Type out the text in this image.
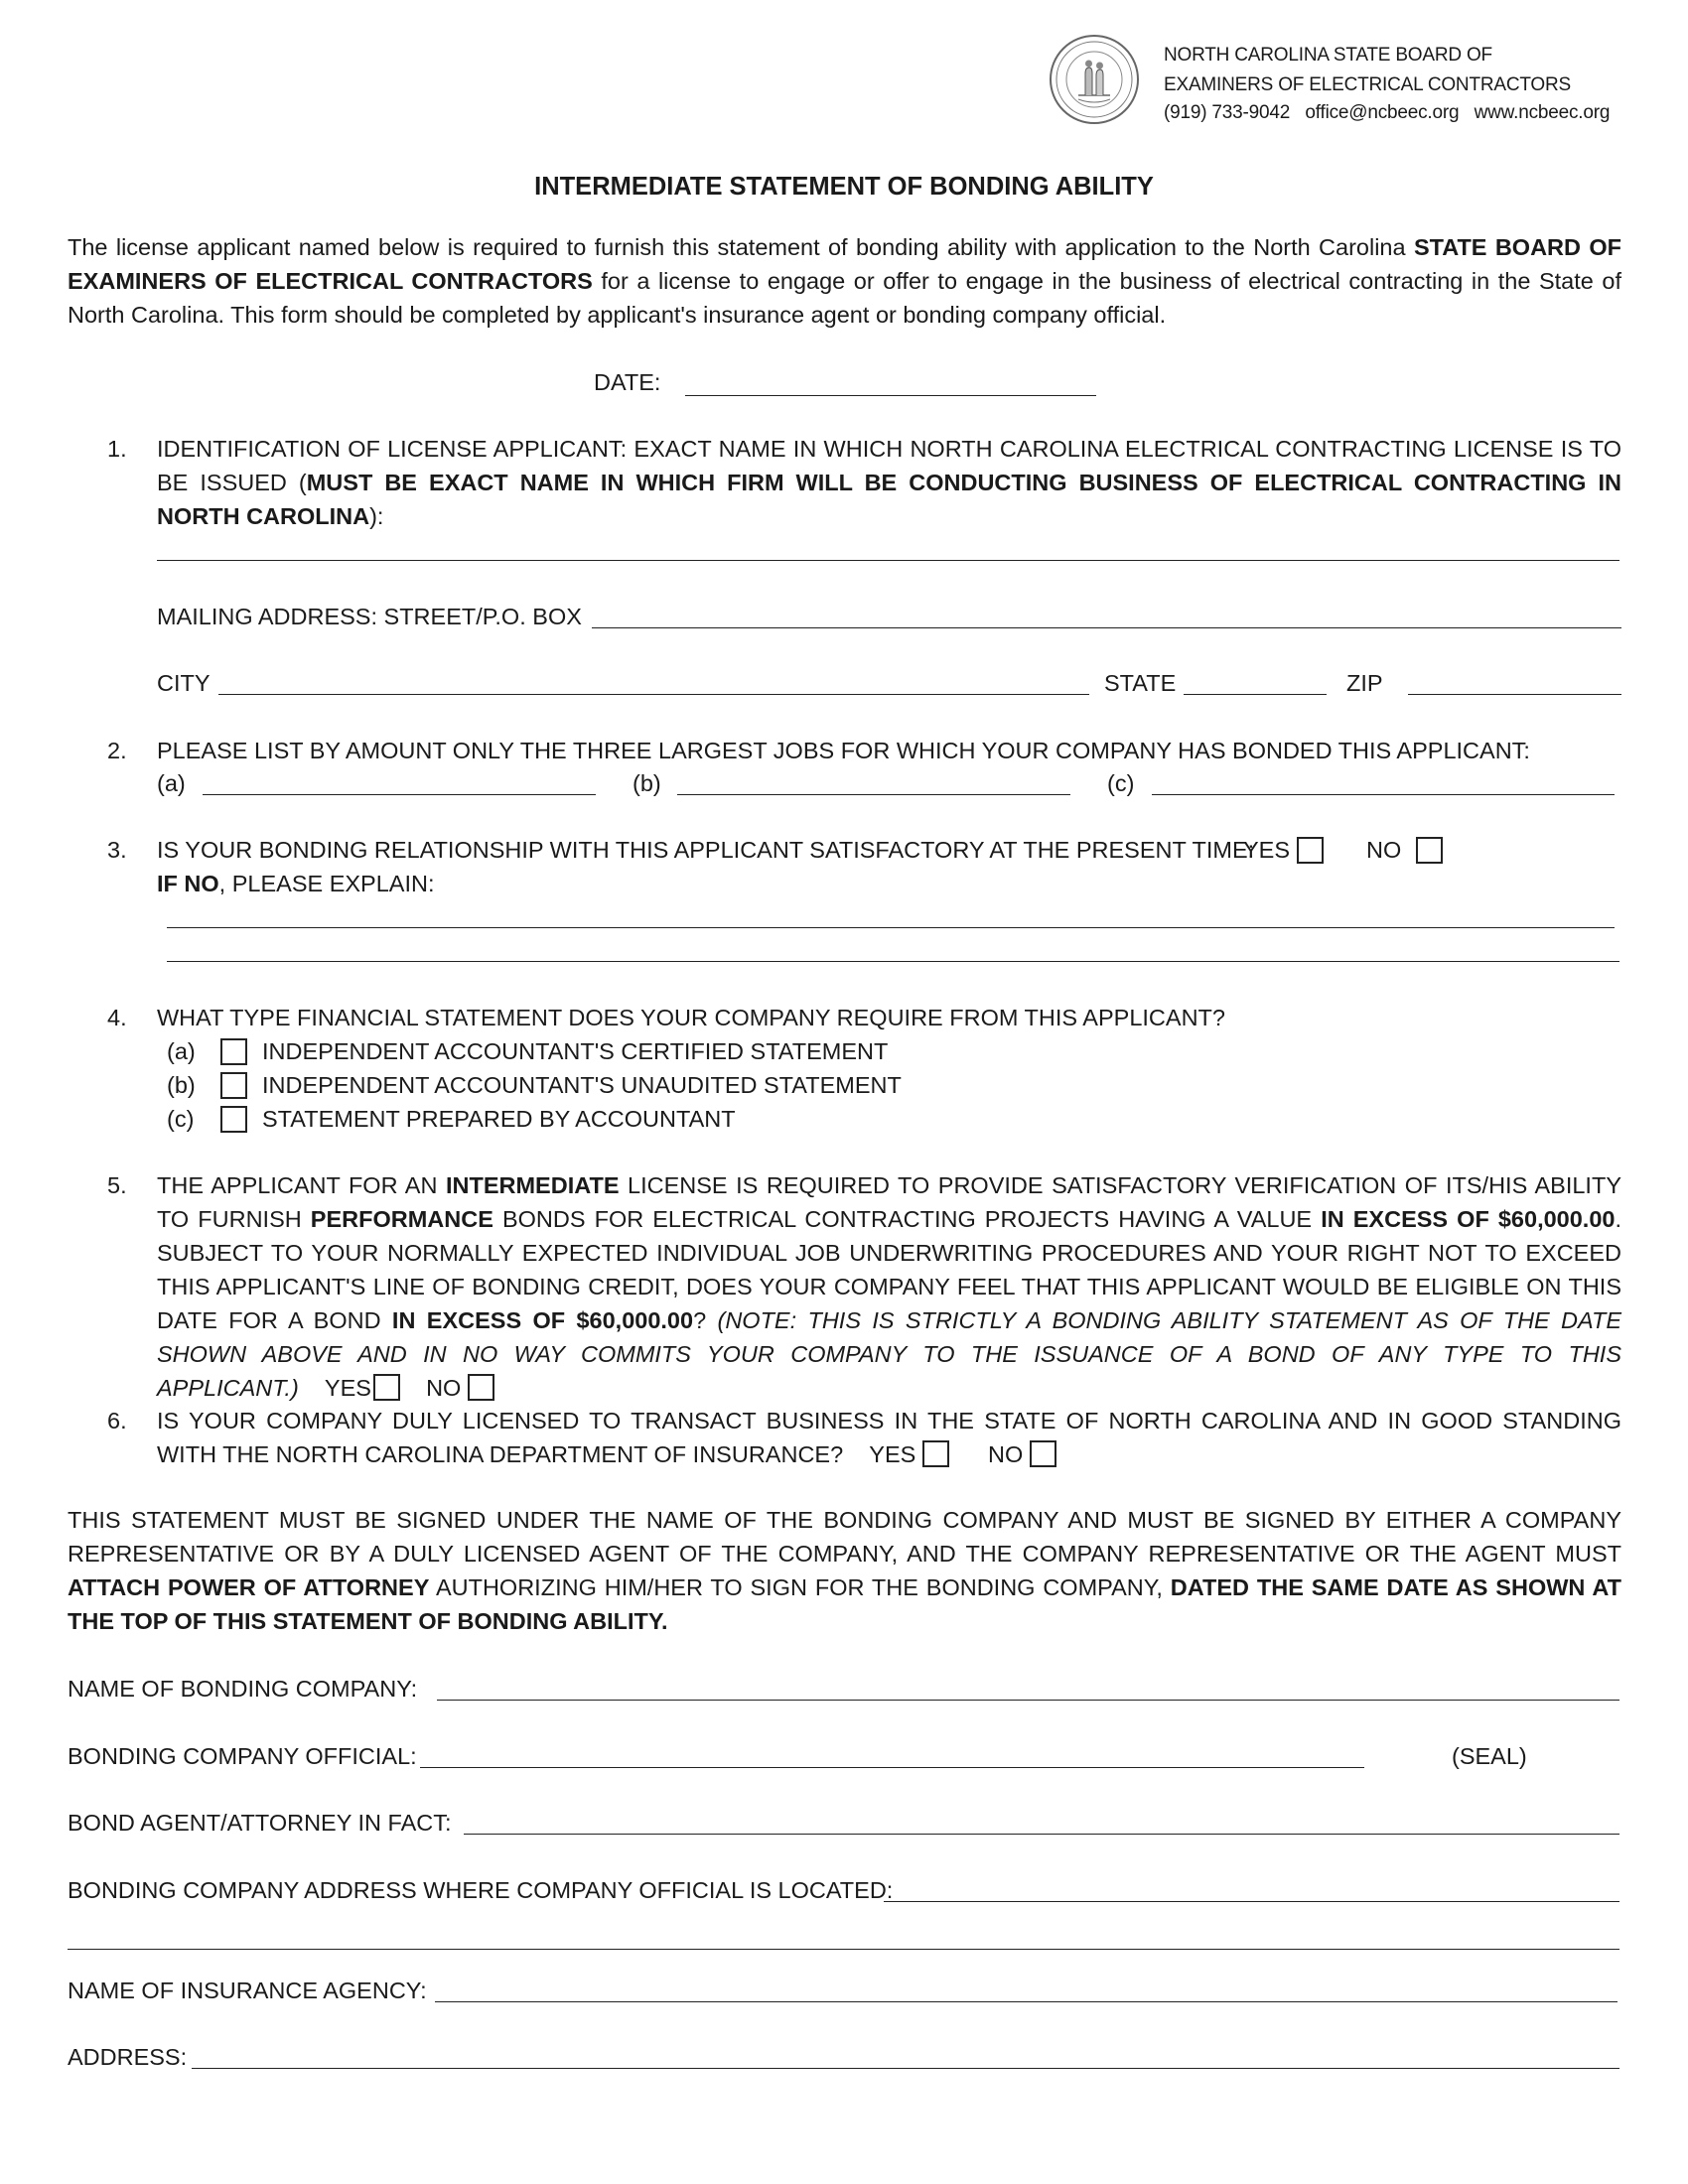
NORTH CAROLINA STATE BOARD OF
EXAMINERS OF ELECTRICAL CONTRACTORS
(919) 733-9042 office@ncbeec.org www.ncbeec.org
INTERMEDIATE STATEMENT OF BONDING ABILITY
The license applicant named below is required to furnish this statement of bonding ability with application to the North Carolina STATE BOARD OF EXAMINERS OF ELECTRICAL CONTRACTORS for a license to engage or offer to engage in the business of electrical contracting in the State of North Carolina. This form should be completed by applicant's insurance agent or bonding company official.
DATE:
1. IDENTIFICATION OF LICENSE APPLICANT: EXACT NAME IN WHICH NORTH CAROLINA ELECTRICAL CONTRACTING LICENSE IS TO BE ISSUED (MUST BE EXACT NAME IN WHICH FIRM WILL BE CONDUCTING BUSINESS OF ELECTRICAL CONTRACTING IN NORTH CAROLINA):
MAILING ADDRESS: STREET/P.O. BOX
CITY	STATE	ZIP
2. PLEASE LIST BY AMOUNT ONLY THE THREE LARGEST JOBS FOR WHICH YOUR COMPANY HAS BONDED THIS APPLICANT:
(a)	(b)	(c)
3. IS YOUR BONDING RELATIONSHIP WITH THIS APPLICANT SATISFACTORY AT THE PRESENT TIME:
YES	NO
IF NO, PLEASE EXPLAIN:
4. WHAT TYPE FINANCIAL STATEMENT DOES YOUR COMPANY REQUIRE FROM THIS APPLICANT?
(a)	INDEPENDENT ACCOUNTANT'S CERTIFIED STATEMENT
(b)	INDEPENDENT ACCOUNTANT'S UNAUDITED STATEMENT
(c)	STATEMENT PREPARED BY ACCOUNTANT
5. THE APPLICANT FOR AN INTERMEDIATE LICENSE IS REQUIRED TO PROVIDE SATISFACTORY VERIFICATION OF ITS/HIS ABILITY TO FURNISH PERFORMANCE BONDS FOR ELECTRICAL CONTRACTING PROJECTS HAVING A VALUE IN EXCESS OF $60,000.00. SUBJECT TO YOUR NORMALLY EXPECTED INDIVIDUAL JOB UNDERWRITING PROCEDURES AND YOUR RIGHT NOT TO EXCEED THIS APPLICANT'S LINE OF BONDING CREDIT, DOES YOUR COMPANY FEEL THAT THIS APPLICANT WOULD BE ELIGIBLE ON THIS DATE FOR A BOND IN EXCESS OF $60,000.00? (NOTE: THIS IS STRICTLY A BONDING ABILITY STATEMENT AS OF THE DATE SHOWN ABOVE AND IN NO WAY COMMITS YOUR COMPANY TO THE ISSUANCE OF A BOND OF ANY TYPE TO THIS APPLICANT.) YES NO
6. IS YOUR COMPANY DULY LICENSED TO TRANSACT BUSINESS IN THE STATE OF NORTH CAROLINA AND IN GOOD STANDING WITH THE NORTH CAROLINA DEPARTMENT OF INSURANCE? YES	NO
THIS STATEMENT MUST BE SIGNED UNDER THE NAME OF THE BONDING COMPANY AND MUST BE SIGNED BY EITHER A COMPANY REPRESENTATIVE OR BY A DULY LICENSED AGENT OF THE COMPANY, AND THE COMPANY REPRESENTATIVE OR THE AGENT MUST ATTACH POWER OF ATTORNEY AUTHORIZING HIM/HER TO SIGN FOR THE BONDING COMPANY, DATED THE SAME DATE AS SHOWN AT THE TOP OF THIS STATEMENT OF BONDING ABILITY.
NAME OF BONDING COMPANY:
BONDING COMPANY OFFICIAL:	(SEAL)
BOND AGENT/ATTORNEY IN FACT:
BONDING COMPANY ADDRESS WHERE COMPANY OFFICIAL IS LOCATED:
NAME OF INSURANCE AGENCY:
ADDRESS:
